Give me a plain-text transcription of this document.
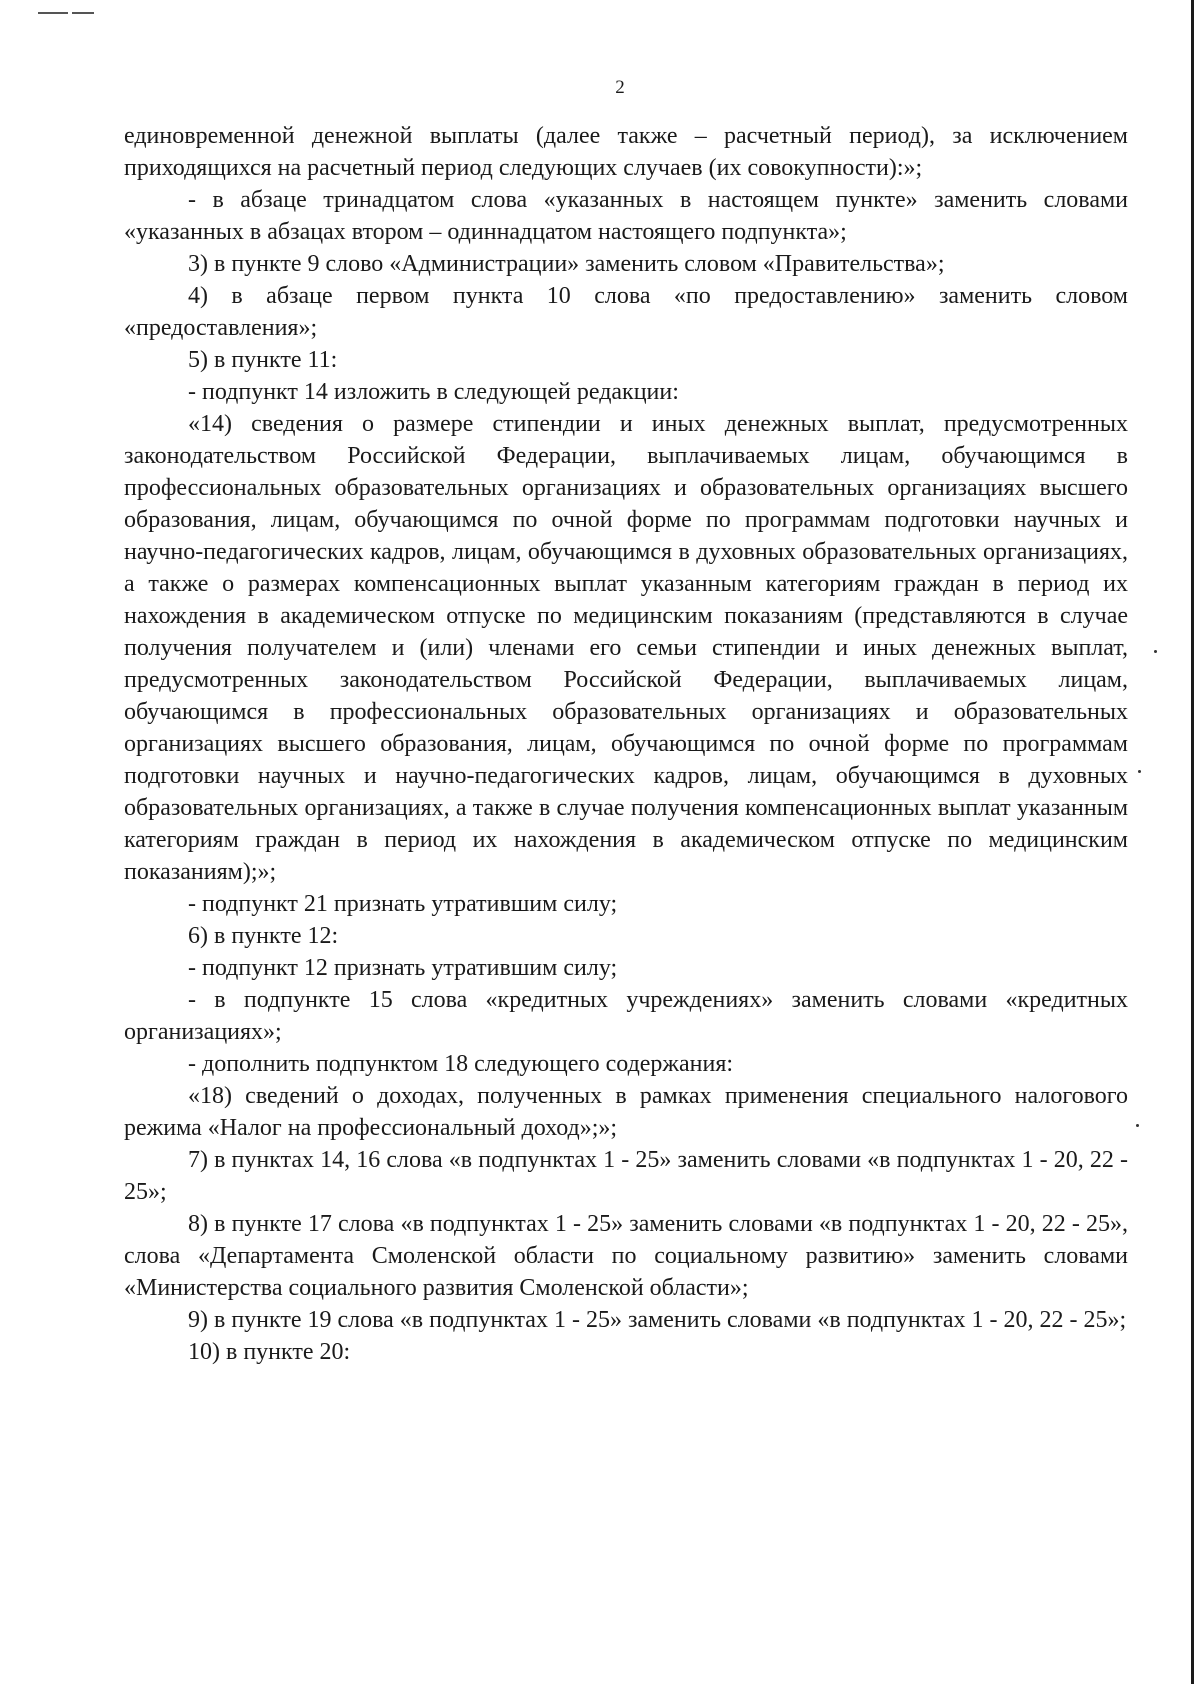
2

единовременной денежной выплаты (далее также – расчетный период), за исключением приходящихся на расчетный период следующих случаев (их совокупности):»;

- в абзаце тринадцатом слова «указанных в настоящем пункте» заменить словами «указанных в абзацах втором – одиннадцатом настоящего подпункта»;

3) в пункте 9 слово «Администрации» заменить словом «Правительства»;

4) в абзаце первом пункта 10 слова «по предоставлению» заменить словом «предоставления»;

5) в пункте 11:

- подпункт 14 изложить в следующей редакции:

«14) сведения о размере стипендии и иных денежных выплат, предусмотренных законодательством Российской Федерации, выплачиваемых лицам, обучающимся в профессиональных образовательных организациях и образовательных организациях высшего образования, лицам, обучающимся по очной форме по программам подготовки научных и научно-педагогических кадров, лицам, обучающимся в духовных образовательных организациях, а также о размерах компенсационных выплат указанным категориям граждан в период их нахождения в академическом отпуске по медицинским показаниям (представляются в случае получения получателем и (или) членами его семьи стипендии и иных денежных выплат, предусмотренных законодательством Российской Федерации, выплачиваемых лицам, обучающимся в профессиональных образовательных организациях и образовательных организациях высшего образования, лицам, обучающимся по очной форме по программам подготовки научных и научно-педагогических кадров, лицам, обучающимся в духовных образовательных организациях, а также в случае получения компенсационных выплат указанным категориям граждан в период их нахождения в академическом отпуске по медицинским показаниям);»;

- подпункт 21 признать утратившим силу;

6) в пункте 12:

- подпункт 12 признать утратившим силу;

- в подпункте 15 слова «кредитных учреждениях» заменить словами «кредитных организациях»;

- дополнить подпунктом 18 следующего содержания:

«18) сведений о доходах, полученных в рамках применения специального налогового режима «Налог на профессиональный доход»;»;

7) в пунктах 14, 16 слова «в подпунктах 1 - 25» заменить словами «в подпунктах 1 - 20, 22 - 25»;

8) в пункте 17 слова «в подпунктах 1 - 25» заменить словами «в подпунктах 1 - 20, 22 - 25», слова «Департамента Смоленской области по социальному развитию» заменить словами «Министерства социального развития Смоленской области»;

9) в пункте 19 слова «в подпунктах 1 - 25» заменить словами «в подпунктах 1 - 20, 22 - 25»;

10) в пункте 20:
